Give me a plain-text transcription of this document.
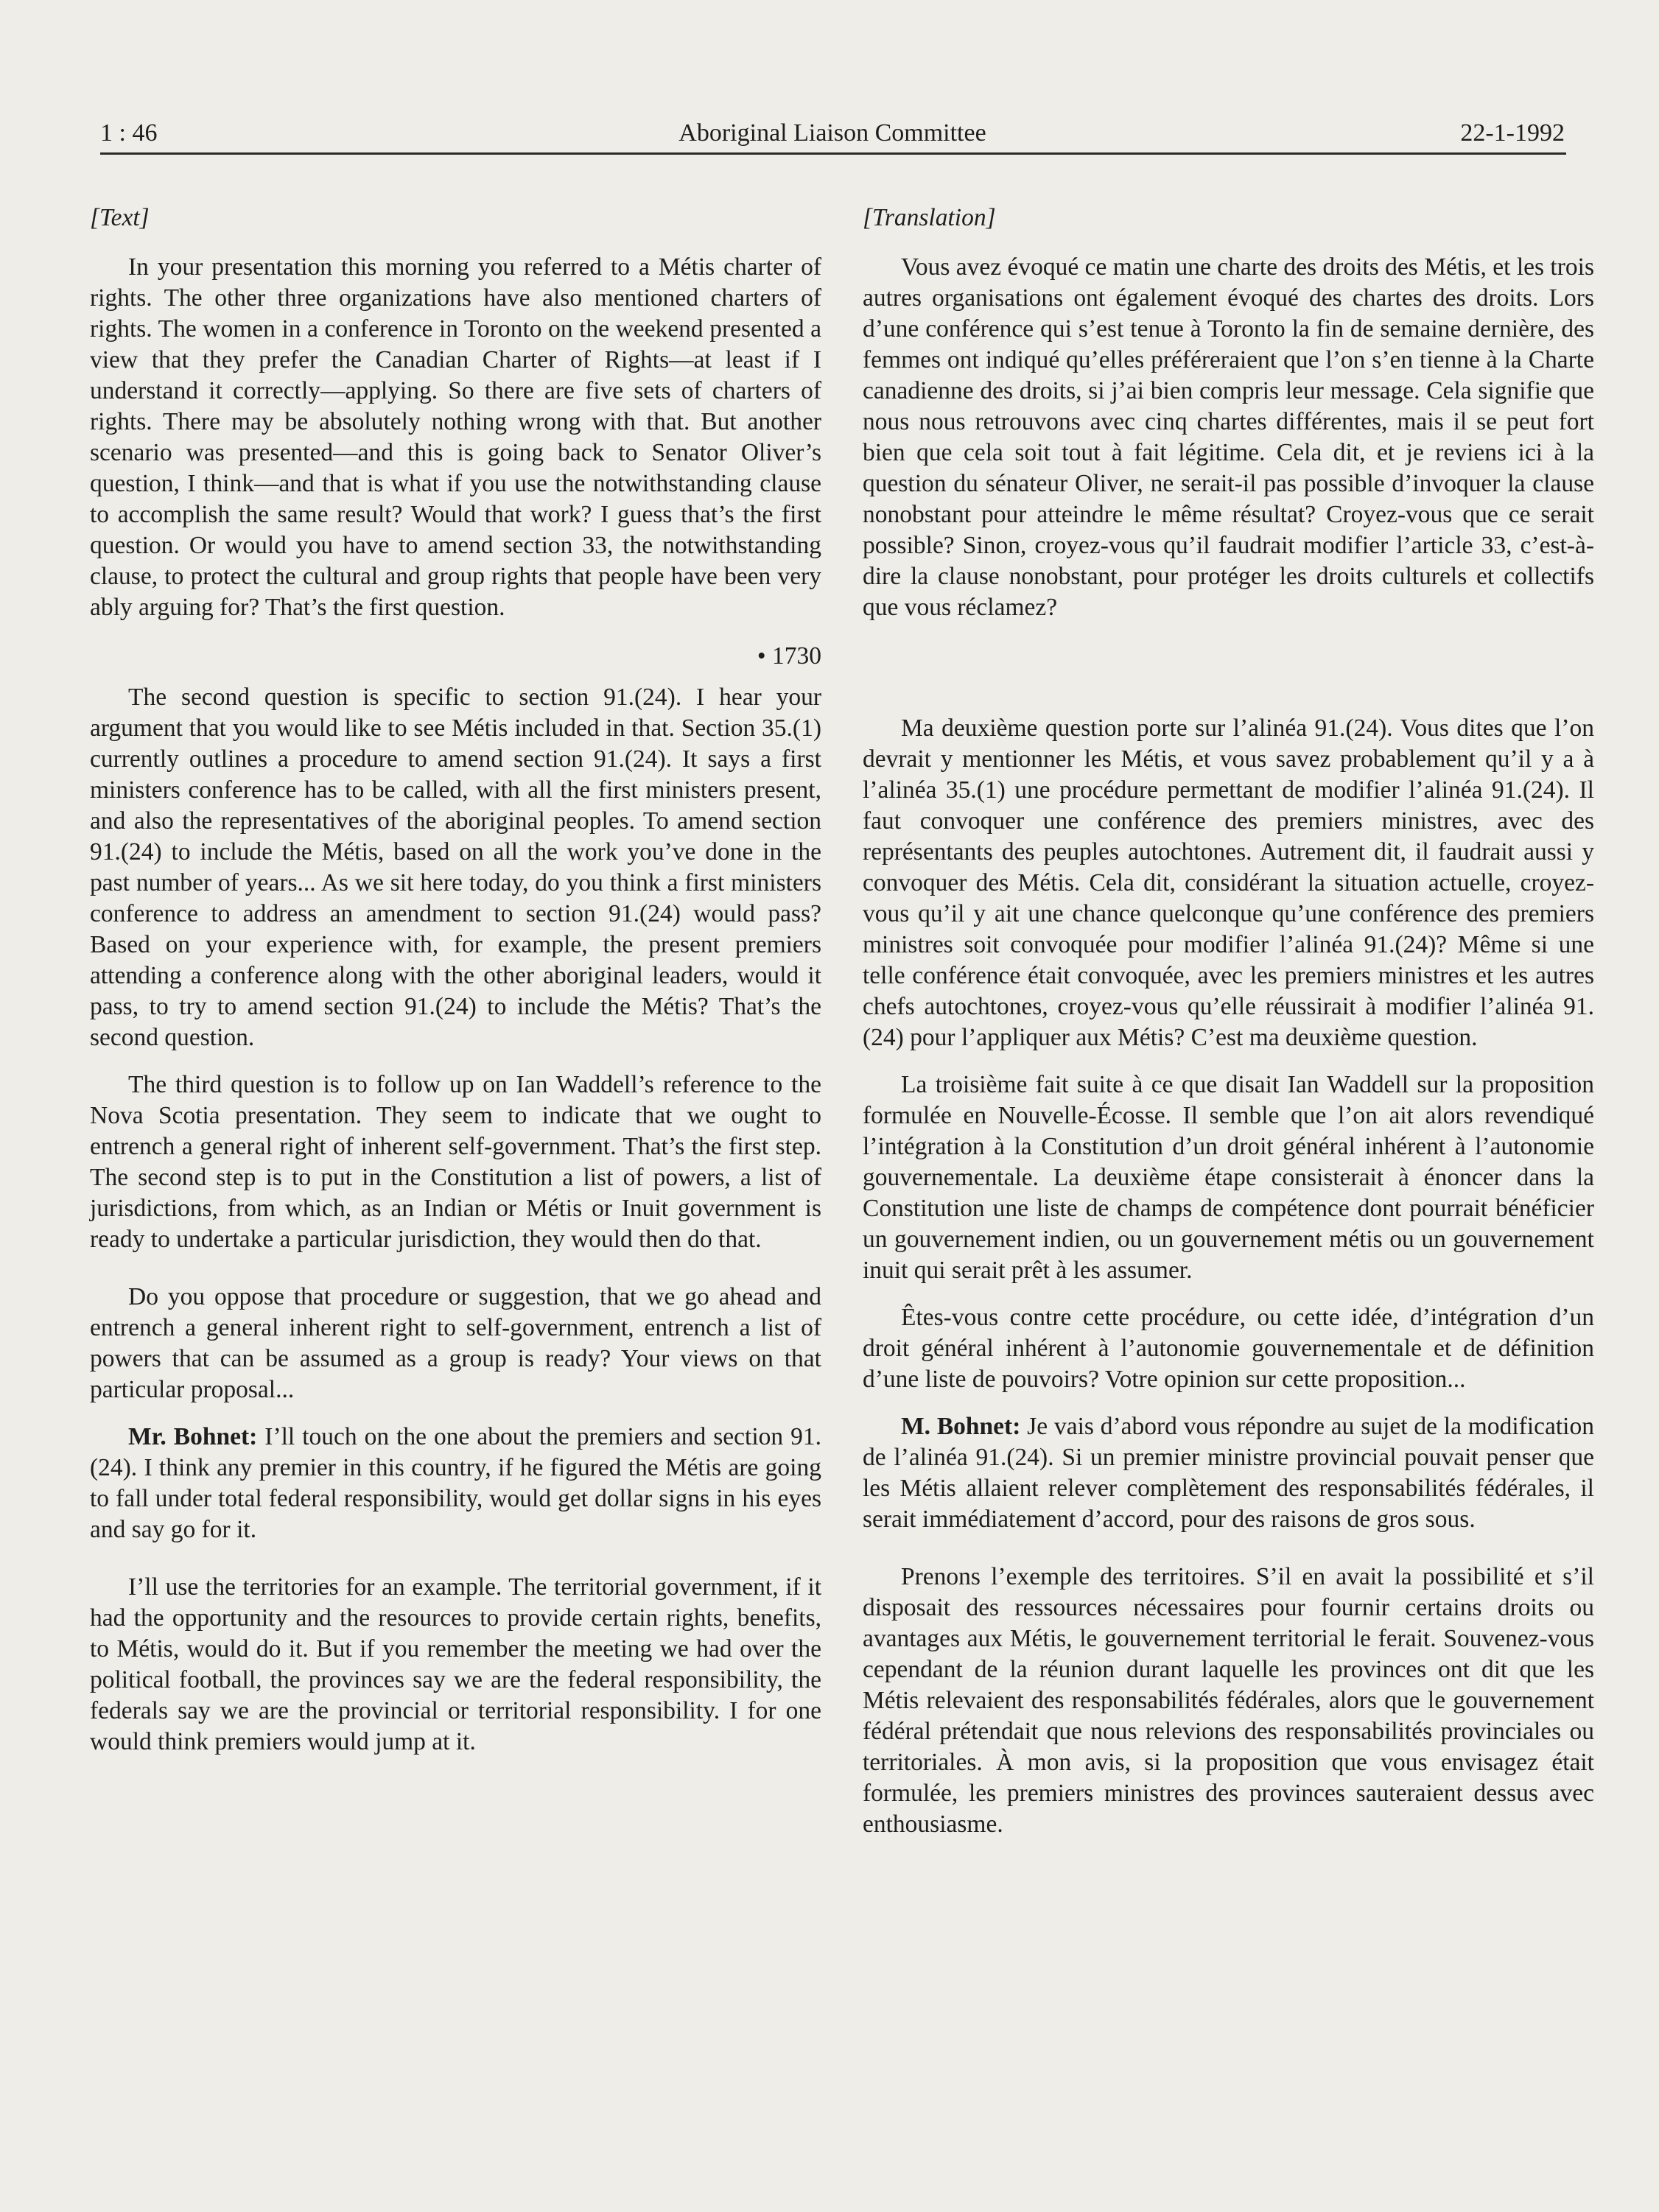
1 : 46	Aboriginal Liaison Committee	22-1-1992

[Text]

In your presentation this morning you referred to a Métis charter of rights. The other three organizations have also mentioned charters of rights. The women in a conference in Toronto on the weekend presented a view that they prefer the Canadian Charter of Rights—at least if I understand it correctly—applying. So there are five sets of charters of rights. There may be absolutely nothing wrong with that. But another scenario was presented—and this is going back to Senator Oliver’s question, I think—and that is what if you use the notwithstanding clause to accomplish the same result? Would that work? I guess that’s the first question. Or would you have to amend section 33, the notwithstanding clause, to protect the cultural and group rights that people have been very ably arguing for? That’s the first question.

• 1730

The second question is specific to section 91.(24). I hear your argument that you would like to see Métis included in that. Section 35.(1) currently outlines a procedure to amend section 91.(24). It says a first ministers conference has to be called, with all the first ministers present, and also the representatives of the aboriginal peoples. To amend section 91.(24) to include the Métis, based on all the work you’ve done in the past number of years... As we sit here today, do you think a first ministers conference to address an amendment to section 91.(24) would pass? Based on your experience with, for example, the present premiers attending a conference along with the other aboriginal leaders, would it pass, to try to amend section 91.(24) to include the Métis? That’s the second question.

The third question is to follow up on Ian Waddell’s reference to the Nova Scotia presentation. They seem to indicate that we ought to entrench a general right of inherent self-government. That’s the first step. The second step is to put in the Constitution a list of powers, a list of jurisdictions, from which, as an Indian or Métis or Inuit government is ready to undertake a particular jurisdiction, they would then do that.

Do you oppose that procedure or suggestion, that we go ahead and entrench a general inherent right to self-government, entrench a list of powers that can be assumed as a group is ready? Your views on that particular proposal...

Mr. Bohnet: I’ll touch on the one about the premiers and section 91.(24). I think any premier in this country, if he figured the Métis are going to fall under total federal responsibility, would get dollar signs in his eyes and say go for it.

I’ll use the territories for an example. The territorial government, if it had the opportunity and the resources to provide certain rights, benefits, to Métis, would do it. But if you remember the meeting we had over the political football, the provinces say we are the federal responsibility, the federals say we are the provincial or territorial responsibility. I for one would think premiers would jump at it.

[Translation]

Vous avez évoqué ce matin une charte des droits des Métis, et les trois autres organisations ont également évoqué des chartes des droits. Lors d’une conférence qui s’est tenue à Toronto la fin de semaine dernière, des femmes ont indiqué qu’elles préféreraient que l’on s’en tienne à la Charte canadienne des droits, si j’ai bien compris leur message. Cela signifie que nous nous retrouvons avec cinq chartes différentes, mais il se peut fort bien que cela soit tout à fait légitime. Cela dit, et je reviens ici à la question du sénateur Oliver, ne serait-il pas possible d’invoquer la clause nonobstant pour atteindre le même résultat? Croyez-vous que ce serait possible? Sinon, croyez-vous qu’il faudrait modifier l’article 33, c’est-à-dire la clause nonobstant, pour protéger les droits culturels et collectifs que vous réclamez?

Ma deuxième question porte sur l’alinéa 91.(24). Vous dites que l’on devrait y mentionner les Métis, et vous savez probablement qu’il y a à l’alinéa 35.(1) une procédure permettant de modifier l’alinéa 91.(24). Il faut convoquer une conférence des premiers ministres, avec des représentants des peuples autochtones. Autrement dit, il faudrait aussi y convoquer des Métis. Cela dit, considérant la situation actuelle, croyez-vous qu’il y ait une chance quelconque qu’une conférence des premiers ministres soit convoquée pour modifier l’alinéa 91.(24)? Même si une telle conférence était convoquée, avec les premiers ministres et les autres chefs autochtones, croyez-vous qu’elle réussirait à modifier l’alinéa 91.(24) pour l’appliquer aux Métis? C’est ma deuxième question.

La troisième fait suite à ce que disait Ian Waddell sur la proposition formulée en Nouvelle-Écosse. Il semble que l’on ait alors revendiqué l’intégration à la Constitution d’un droit général inhérent à l’autonomie gouvernementale. La deuxième étape consisterait à énoncer dans la Constitution une liste de champs de compétence dont pourrait bénéficier un gouvernement indien, ou un gouvernement métis ou un gouvernement inuit qui serait prêt à les assumer.

Êtes-vous contre cette procédure, ou cette idée, d’intégration d’un droit général inhérent à l’autonomie gouvernementale et de définition d’une liste de pouvoirs? Votre opinion sur cette proposition...

M. Bohnet: Je vais d’abord vous répondre au sujet de la modification de l’alinéa 91.(24). Si un premier ministre provincial pouvait penser que les Métis allaient relever complètement des responsabilités fédérales, il serait immédiatement d’accord, pour des raisons de gros sous.

Prenons l’exemple des territoires. S’il en avait la possibilité et s’il disposait des ressources nécessaires pour fournir certains droits ou avantages aux Métis, le gouvernement territorial le ferait. Souvenez-vous cependant de la réunion durant laquelle les provinces ont dit que les Métis relevaient des responsabilités fédérales, alors que le gouvernement fédéral prétendait que nous relevions des responsabilités provinciales ou territoriales. À mon avis, si la proposition que vous envisagez était formulée, les premiers ministres des provinces sauteraient dessus avec enthousiasme.
